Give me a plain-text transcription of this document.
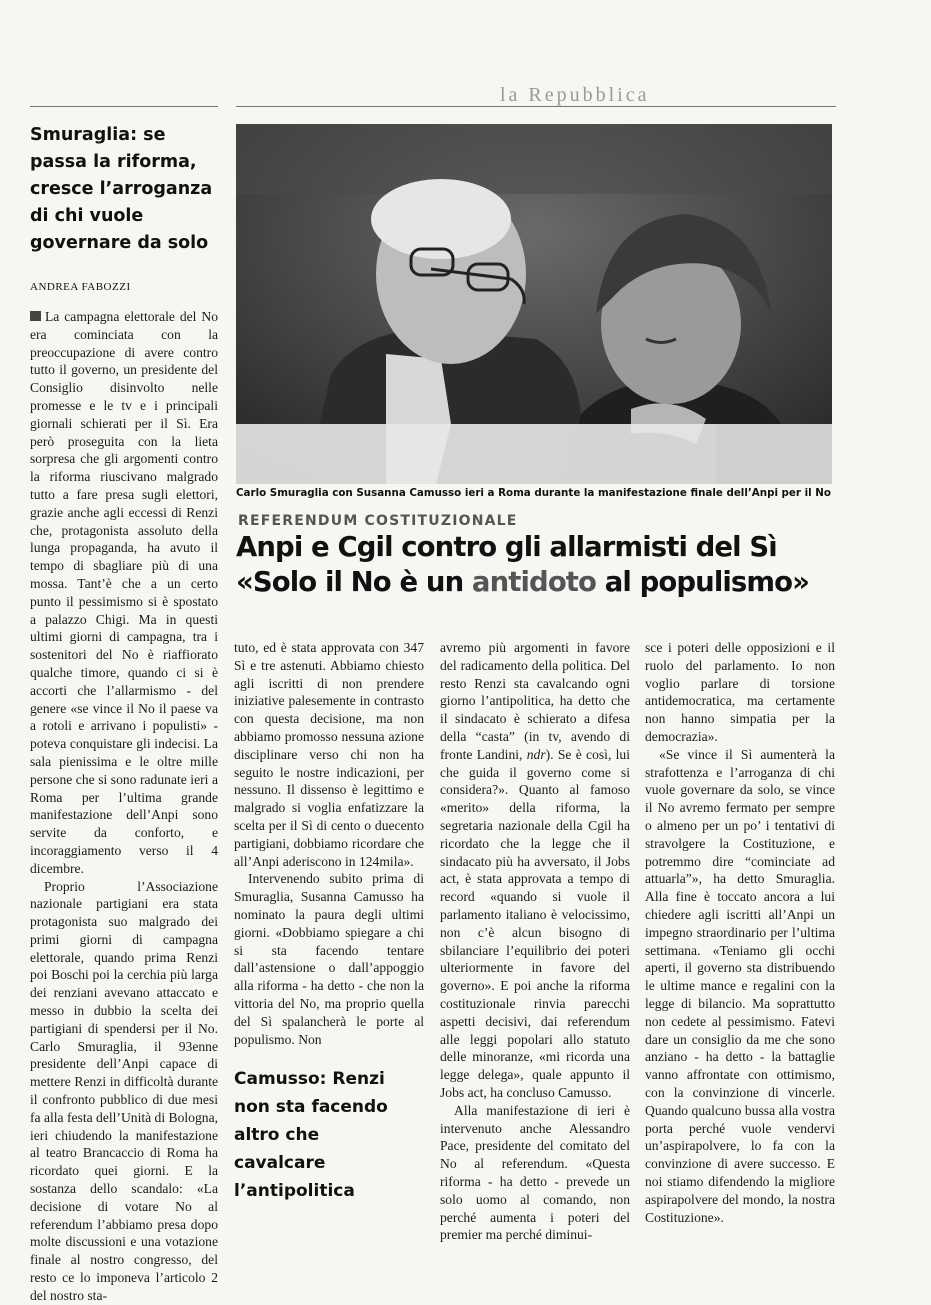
la Repubblica
Smuraglia: se
passa la riforma,
cresce l’arroganza
di chi vuole
governare da solo
ANDREA FABOZZI

La campagna elettorale del No era cominciata con la preoccupazione di avere contro tutto il governo, un presidente del Consiglio disinvolto nelle promesse e le tv e i principali giornali schierati per il Sì. Era però proseguita con la lieta sorpresa che gli argomenti contro la riforma riuscivano malgrado tutto a fare presa sugli elettori, grazie anche agli eccessi di Renzi che, protagonista assoluto della lunga propaganda, ha avuto il tempo di sbagliare più di una mossa. Tant’è che a un certo punto il pessimismo si è spostato a palazzo Chigi. Ma in questi ultimi giorni di campagna, tra i sostenitori del No è riaffiorato qualche timore, quando ci si è accorti che l’allarmismo - del genere «se vince il No il paese va a rotoli e arrivano i populisti» - poteva conquistare gli indecisi. La sala pienissima e le oltre mille persone che si sono radunate ieri a Roma per l’ultima grande manifestazione dell’Anpi sono servite da conforto, e incoraggiamento verso il 4 dicembre.

Proprio l’Associazione nazionale partigiani era stata protagonista suo malgrado dei primi giorni di campagna elettorale, quando prima Renzi poi Boschi poi la cerchia più larga dei renziani avevano attaccato e messo in dubbio la scelta dei partigiani di spendersi per il No. Carlo Smuraglia, il 93enne presidente dell’Anpi capace di mettere Renzi in difficoltà durante il confronto pubblico di due mesi fa alla festa dell’Unità di Bologna, ieri chiudendo la manifestazione al teatro Brancaccio di Roma ha ricordato quei giorni. E la sostanza dello scandalo: «La decisione di votare No al referendum l’abbiamo presa dopo molte discussioni e una votazione finale al nostro congresso, del resto ce lo imponeva l’articolo 2 del nostro sta-

Carlo Smuraglia con Susanna Camusso ieri a Roma durante la manifestazione finale dell’Anpi per il No
REFERENDUM COSTITUZIONALE
Anpi e Cgil contro gli allarmisti del Sì
«Solo il No è un antidoto al populismo»

tuto, ed è stata approvata con 347 Sì e tre astenuti. Abbiamo chiesto agli iscritti di non prendere iniziative palesemente in contrasto con questa decisione, ma non abbiamo promosso nessuna azione disciplinare verso chi non ha seguito le nostre indicazioni, per nessuno. Il dissenso è legittimo e malgrado si voglia enfatizzare la scelta per il Sì di cento o duecento partigiani, dobbiamo ricordare che all’Anpi aderiscono in 124mila».

Intervenendo subito prima di Smuraglia, Susanna Camusso ha nominato la paura degli ultimi giorni. «Dobbiamo spiegare a chi si sta facendo tentare dall’astensione o dall’appoggio alla riforma - ha detto - che non la vittoria del No, ma proprio quella del Sì spalancherà le porte al populismo. Non

Camusso: Renzi
non sta facendo
altro che
cavalcare
l’antipolitica

avremo più argomenti in favore del radicamento della politica. Del resto Renzi sta cavalcando ogni giorno l’antipolitica, ha detto che il sindacato è schierato a difesa della “casta” (in tv, avendo di fronte Landini, ndr). Se è così, lui che guida il governo come si considera?». Quanto al famoso «merito» della riforma, la segretaria nazionale della Cgil ha ricordato che la legge che il sindacato più ha avversato, il Jobs act, è stata approvata a tempo di record «quando si vuole il parlamento italiano è velocissimo, non c’è alcun bisogno di sbilanciare l’equilibrio dei poteri ulteriormente in favore del governo». E poi anche la riforma costituzionale rinvia parecchi aspetti decisivi, dai referendum alle leggi popolari allo statuto delle minoranze, «mi ricorda una legge delega», quale appunto il Jobs act, ha concluso Camusso.

Alla manifestazione di ieri è intervenuto anche Alessandro Pace, presidente del comitato del No al referendum. «Questa riforma - ha detto - prevede un solo uomo al comando, non perché aumenta i poteri del premier ma perché diminui-

sce i poteri delle opposizioni e il ruolo del parlamento. Io non voglio parlare di torsione antidemocratica, ma certamente non hanno simpatia per la democrazia».

«Se vince il Sì aumenterà la strafottenza e l’arroganza di chi vuole governare da solo, se vince il No avremo fermato per sempre o almeno per un po’ i tentativi di stravolgere la Costituzione, e potremmo dire “cominciate ad attuarla”», ha detto Smuraglia. Alla fine è toccato ancora a lui chiedere agli iscritti all’Anpi un impegno straordinario per l’ultima settimana. «Teniamo gli occhi aperti, il governo sta distribuendo le ultime mance e regalini con la legge di bilancio. Ma soprattutto non cedete al pessimismo. Fatevi dare un consiglio da me che sono anziano - ha detto - la battaglie vanno affrontate con ottimismo, con la convinzione di vincerle. Quando qualcuno bussa alla vostra porta perché vuole vendervi un’aspirapolvere, lo fa con la convinzione di avere successo. E noi stiamo difendendo la migliore aspirapolvere del mondo, la nostra Costituzione».
